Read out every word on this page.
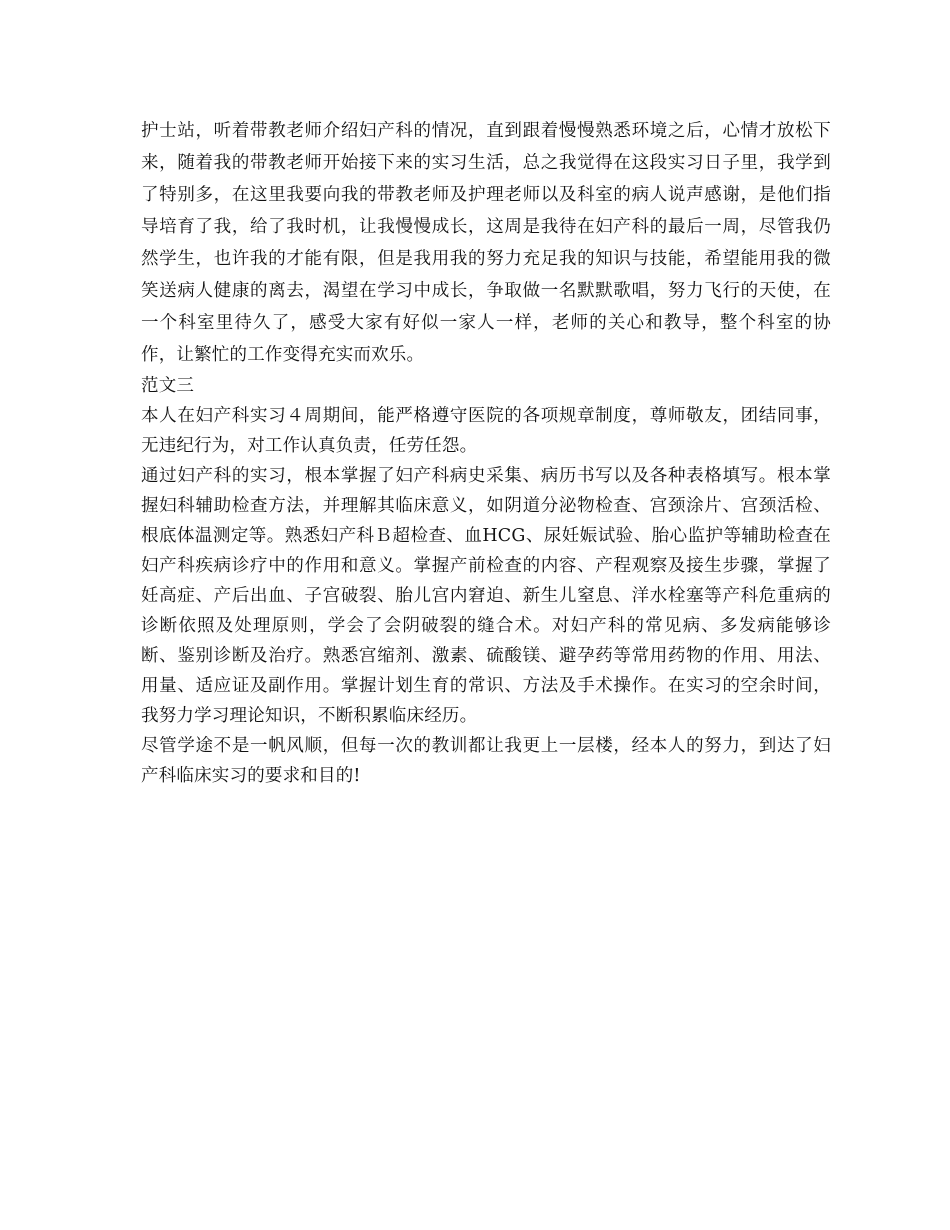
护士站，听着带教老师介绍妇产科的情况，直到跟着慢慢熟悉环境之后，心情才放松下来，随着我的带教老师开始接下来的实习生活，总之我觉得在这段实习日子里，我学到了特别多，在这里我要向我的带教老师及护理老师以及科室的病人说声感谢，是他们指导培育了我，给了我时机，让我慢慢成长，这周是我待在妇产科的最后一周，尽管我仍然学生，也许我的才能有限，但是我用我的努力充足我的知识与技能，希望能用我的微笑送病人健康的离去，渴望在学习中成长，争取做一名默默歌唱，努力飞行的天使，在一个科室里待久了，感受大家有好似一家人一样，老师的关心和教导，整个科室的协作，让繁忙的工作变得充实而欢乐。

范文三

本人在妇产科实习４周期间，能严格遵守医院的各项规章制度，尊师敬友，团结同事，无违纪行为，对工作认真负责，任劳任怨。

通过妇产科的实习，根本掌握了妇产科病史采集、病历书写以及各种表格填写。根本掌握妇科辅助检查方法，并理解其临床意义，如阴道分泌物检查、宫颈涂片、宫颈活检、根底体温测定等。熟悉妇产科Ｂ超检查、血HCG、尿妊娠试验、胎心监护等辅助检查在妇产科疾病诊疗中的作用和意义。掌握产前检查的内容、产程观察及接生步骤，掌握了妊高症、产后出血、子宫破裂、胎儿宫内窘迫、新生儿窒息、洋水栓塞等产科危重病的诊断依照及处理原则，学会了会阴破裂的缝合术。对妇产科的常见病、多发病能够诊断、鉴别诊断及治疗。熟悉宫缩剂、激素、硫酸镁、避孕药等常用药物的作用、用法、用量、适应证及副作用。掌握计划生育的常识、方法及手术操作。在实习的空余时间，我努力学习理论知识，不断积累临床经历。

尽管学途不是一帆风顺，但每一次的教训都让我更上一层楼，经本人的努力，到达了妇产科临床实习的要求和目的!
